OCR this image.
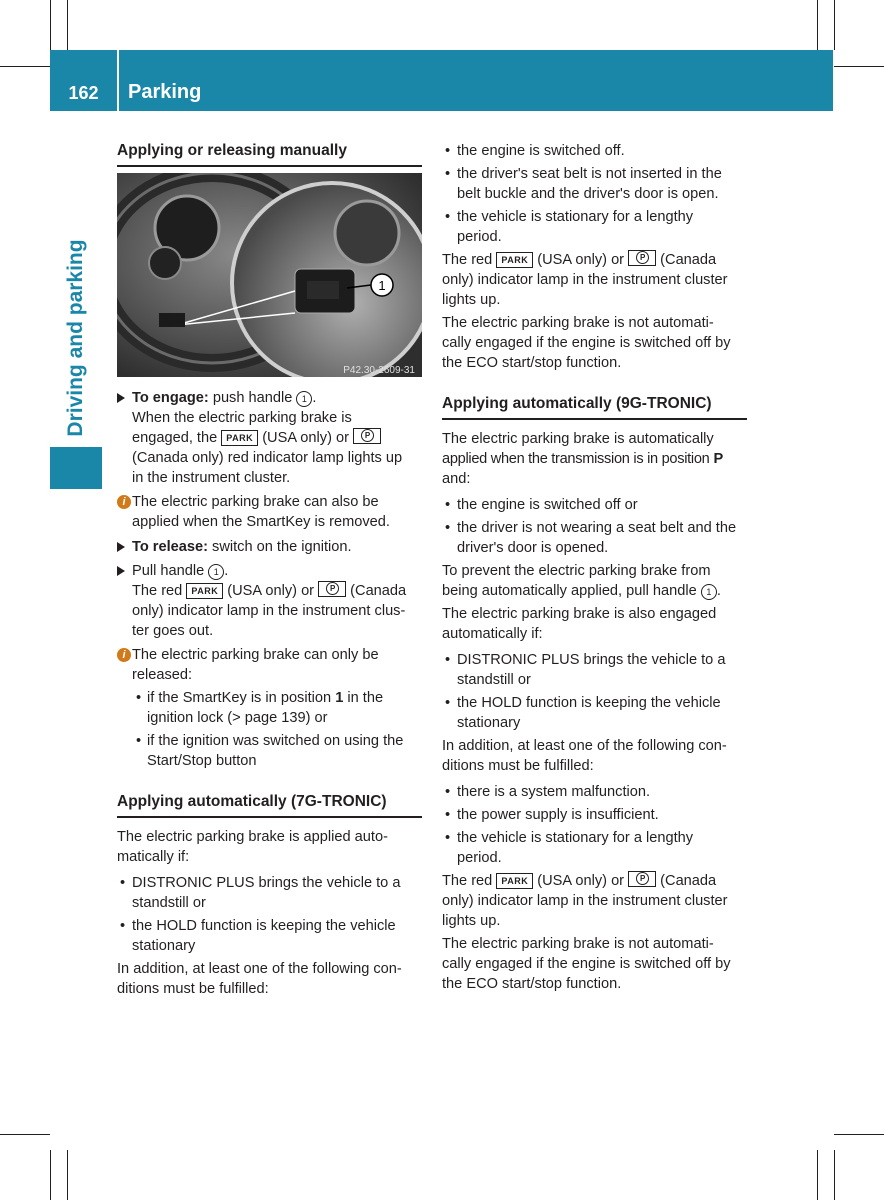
162	Parking
Driving and parking

Applying or releasing manually

1
P42.30-2609-31
To engage: push handle 1 .
When the electric parking brake is
engaged, the PARK (USA only) or P
(Canada only) red indicator lamp lights up
in the instrument cluster.
i The electric parking brake can also be
applied when the SmartKey is removed.
To release: switch on the ignition.
Pull handle 1 .
The red PARK (USA only) or P (Canada
only) indicator lamp in the instrument clus-
ter goes out.
i The electric parking brake can only be
released:
• if the SmartKey is in position 1 in the
ignition lock (> page 139) or
• if the ignition was switched on using the
Start/Stop button

Applying automatically (7G-TRONIC)

The electric parking brake is applied auto-
matically if:

• DISTRONIC PLUS brings the vehicle to a
standstill or
• the HOLD function is keeping the vehicle
stationary

In addition, at least one of the following con-
ditions must be fulfilled:

• the engine is switched off.
• the driver's seat belt is not inserted in the
belt buckle and the driver's door is open.
• the vehicle is stationary for a lengthy
period.

The red PARK (USA only) or P (Canada
only) indicator lamp in the instrument cluster
lights up.

The electric parking brake is not automati-
cally engaged if the engine is switched off by
the ECO start/stop function.

Applying automatically (9G-TRONIC)

The electric parking brake is automatically
applied when the transmission is in position P
and:

• the engine is switched off or
• the driver is not wearing a seat belt and the
driver's door is opened.

To prevent the electric parking brake from
being automatically applied, pull handle 1 .

The electric parking brake is also engaged
automatically if:

• DISTRONIC PLUS brings the vehicle to a
standstill or
• the HOLD function is keeping the vehicle
stationary

In addition, at least one of the following con-
ditions must be fulfilled:

• there is a system malfunction.
• the power supply is insufficient.
• the vehicle is stationary for a lengthy
period.

The red PARK (USA only) or P (Canada
only) indicator lamp in the instrument cluster
lights up.

The electric parking brake is not automati-
cally engaged if the engine is switched off by
the ECO start/stop function.
